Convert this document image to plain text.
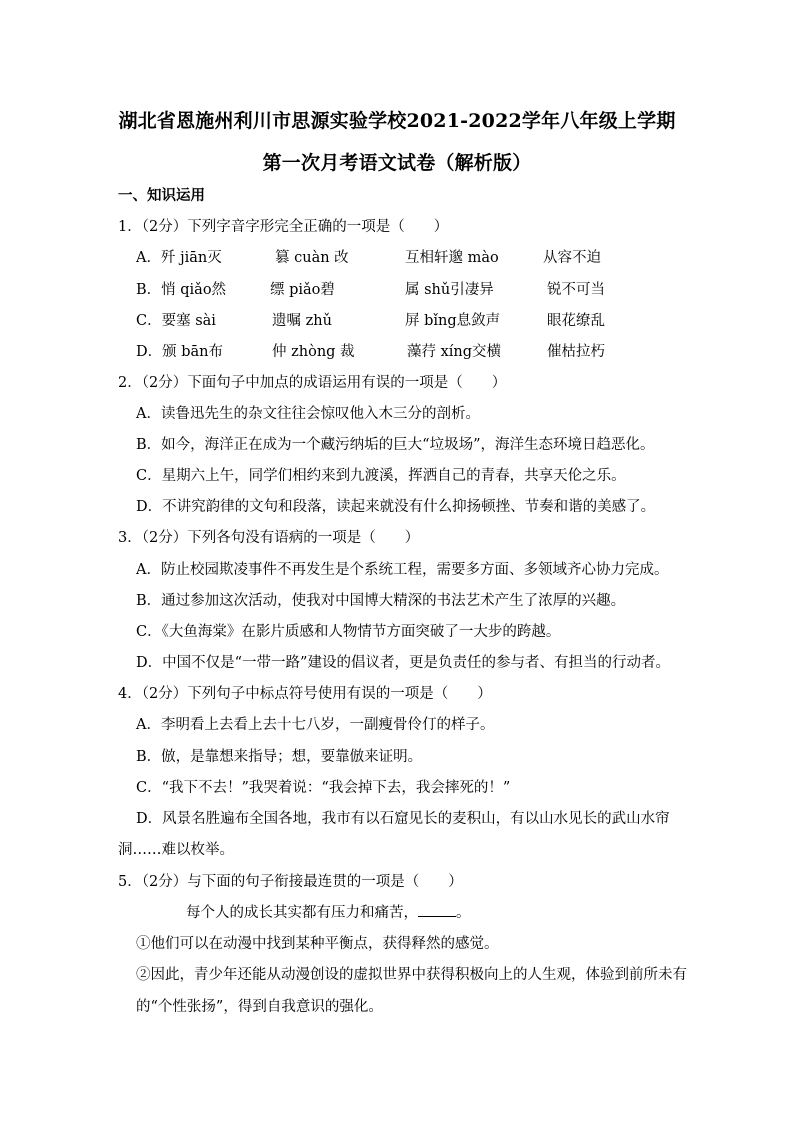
湖北省恩施州利川市思源实验学校2021-2022学年八年级上学期
第一次月考语文试卷（解析版）
一、知识运用
1．（2分）下列字音字形完全正确的一项是（　　）
A．歼 jiān灭	篡 cuàn 改	互相轩邈 mào	从容不迫
B．悄 qiǎo然	缥 piǎo碧	属 shǔ引凄异	锐不可当
C．要塞 sài	遗嘱 zhǔ	屏 bǐng息敛声	眼花缭乱
D．颁 bān布	仲 zhòng 裁	藻荇 xíng交横	催枯拉朽
2．（2分）下面句子中加点的成语运用有误的一项是（　　）
A．读鲁迅先生的杂文往往会惊叹他入木三分的剖析。
B．如今，海洋正在成为一个藏污纳垢的巨大“垃圾场”，海洋生态环境日趋恶化。
C．星期六上午，同学们相约来到九渡溪，挥洒自己的青春，共享天伦之乐。
D．不讲究韵律的文句和段落，读起来就没有什么抑扬顿挫、节奏和谐的美感了。
3．（2分）下列各句没有语病的一项是（　　）
A．防止校园欺凌事件不再发生是个系统工程，需要多方面、多领域齐心协力完成。
B．通过参加这次活动，使我对中国博大精深的书法艺术产生了浓厚的兴趣。
C．《大鱼海棠》在影片质感和人物情节方面突破了一大步的跨越。
D．中国不仅是“一带一路”建设的倡议者，更是负责任的参与者、有担当的行动者。
4．（2分）下列句子中标点符号使用有误的一项是（　　）
A．李明看上去看上去十七八岁，一副瘦骨伶仃的样子。
B．倣，是靠想来指导；想，要靠倣来证明。
C．“我下不去！”我哭着说：“我会掉下去，我会摔死的！”
D．风景名胜遍布全国各地，我市有以石窟见长的麦积山，有以山水见长的武山水帘
洞……难以枚举。
5．（2分）与下面的句子衔接最连贯的一项是（　　）
每个人的成长其实都有压力和痛苦，	。
①他们可以在动漫中找到某种平衡点，获得释然的感觉。
②因此，青少年还能从动漫创设的虚拟世界中获得积极向上的人生观，体验到前所未有
的“个性张扬”，得到自我意识的强化。
